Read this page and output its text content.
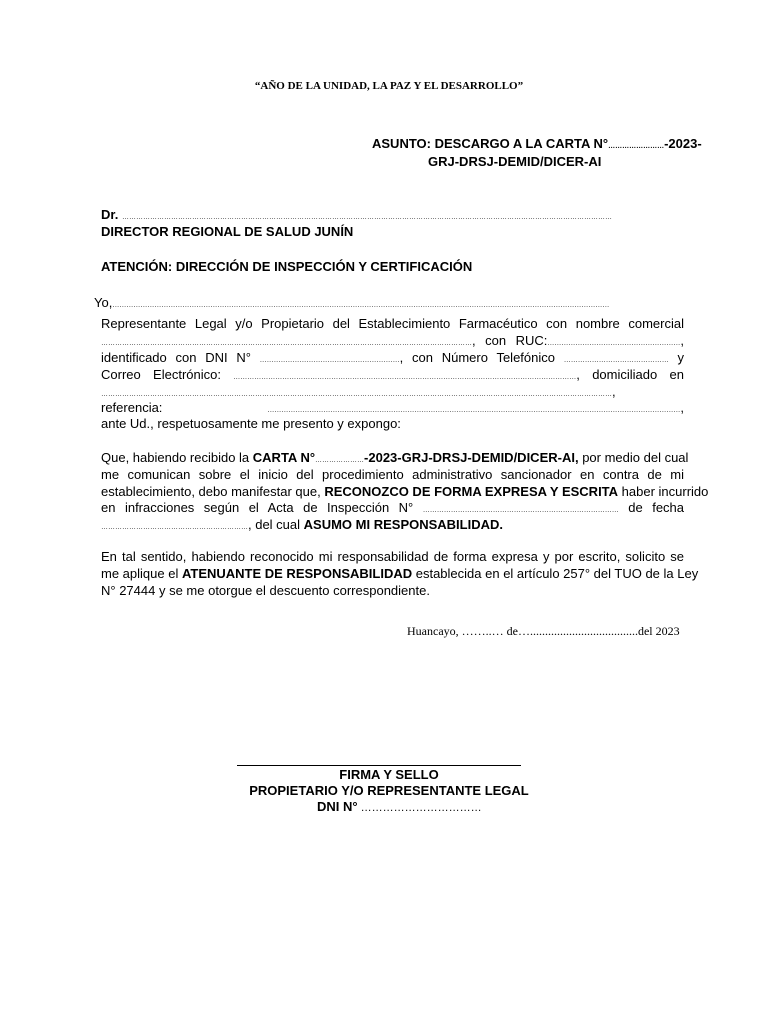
“AÑO DE LA UNIDAD, LA PAZ Y EL DESARROLLO”
ASUNTO: DESCARGO A LA CARTA N°……………………-2023-
GRJ-DRSJ-DEMID/DICER-AI
Dr. …………………………………………………………………………………………………………………………………………………………………………………………
DIRECTOR REGIONAL DE SALUD JUNÍN
ATENCIÓN: DIRECCIÓN DE INSPECCIÓN Y CERTIFICACIÓN
Yo,……………………………………………………………………………………………………………………………………………………………………………………………
Representante Legal y/o Propietario del Establecimiento Farmacéutico con nombre comercial
……………………………………………………………………………………………………………………………………………, con RUC:…………………………………………………,
identificado con DNI N° ……………………………………………………, con Número Telefónico ……………………………………… y
Correo Electrónico: …………………………………………………………………………………………………………………………………, domiciliado en
…………………………………………………………………………………………………………………………………………………………………………………………………,
referencia:	……………………………………………………………………………………………………………………………………………………………,
ante Ud., respetuosamente me presento y expongo:
Que, habiendo recibido la CARTA N°…………………-2023-GRJ-DRSJ-DEMID/DICER-AI, por medio del cual
me comunican sobre el inicio del procedimiento administrativo sancionador en contra de mi
establecimiento, debo manifestar que, RECONOZCO DE FORMA EXPRESA Y ESCRITA haber incurrido
en infracciones según el Acta de Inspección N° ………………………………………………………………………… de fecha
………………………………………………………, del cual ASUMO MI RESPONSABILIDAD.
En tal sentido, habiendo reconocido mi responsabilidad de forma expresa y por escrito, solicito se
me aplique el ATENUANTE DE RESPONSABILIDAD establecida en el artículo 257° del TUO de la Ley
N° 27444 y se me otorgue el descuento correspondiente.
Huancayo, ……..… de…....................................del 2023
FIRMA Y SELLO
PROPIETARIO Y/O REPRESENTANTE LEGAL
DNI N° ……………………………
